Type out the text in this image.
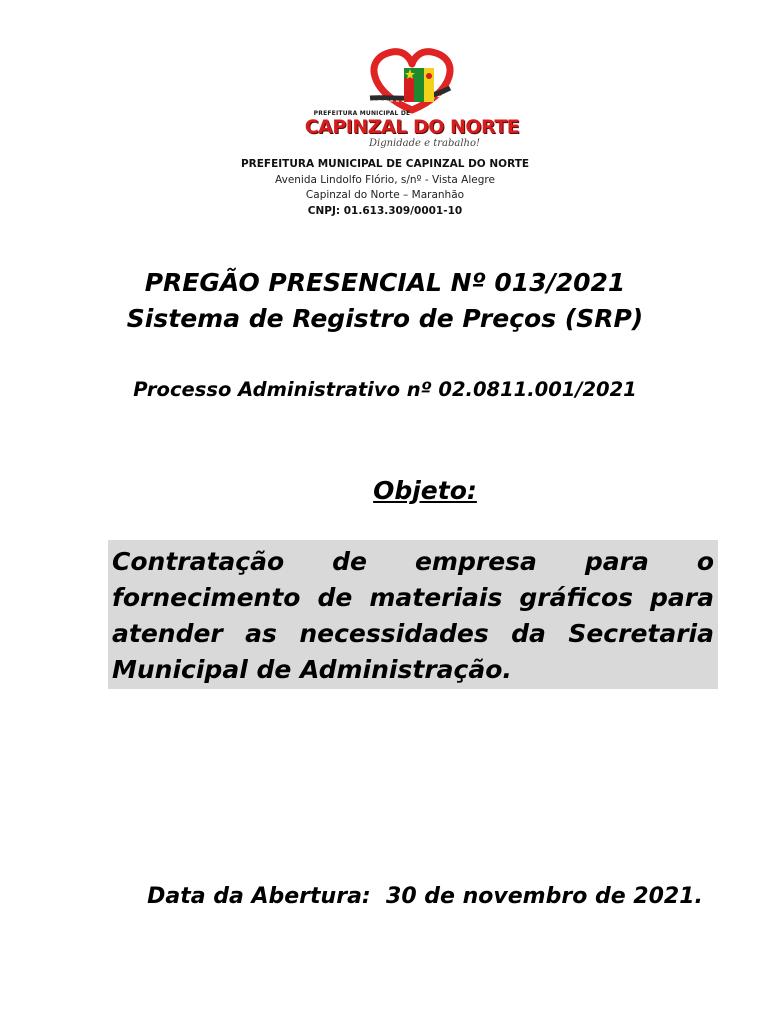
PREFEITURA MUNICIPAL DE
CAPINZAL DO NORTE
Dignidade e trabalho!
PREFEITURA MUNICIPAL DE CAPINZAL DO NORTE
Avenida Lindolfo Flório, s/nº - Vista Alegre
Capinzal do Norte – Maranhão
CNPJ: 01.613.309/0001-10
PREGÃO PRESENCIAL Nº 013/2021
Sistema de Registro de Preços (SRP)
Processo Administrativo nº 02.0811.001/2021
Objeto:

Contratação de empresa para o
fornecimento de materiais gráficos para
atender as necessidades da Secretaria
Municipal de Administração.

Data da Abertura:  30 de novembro de 2021.
